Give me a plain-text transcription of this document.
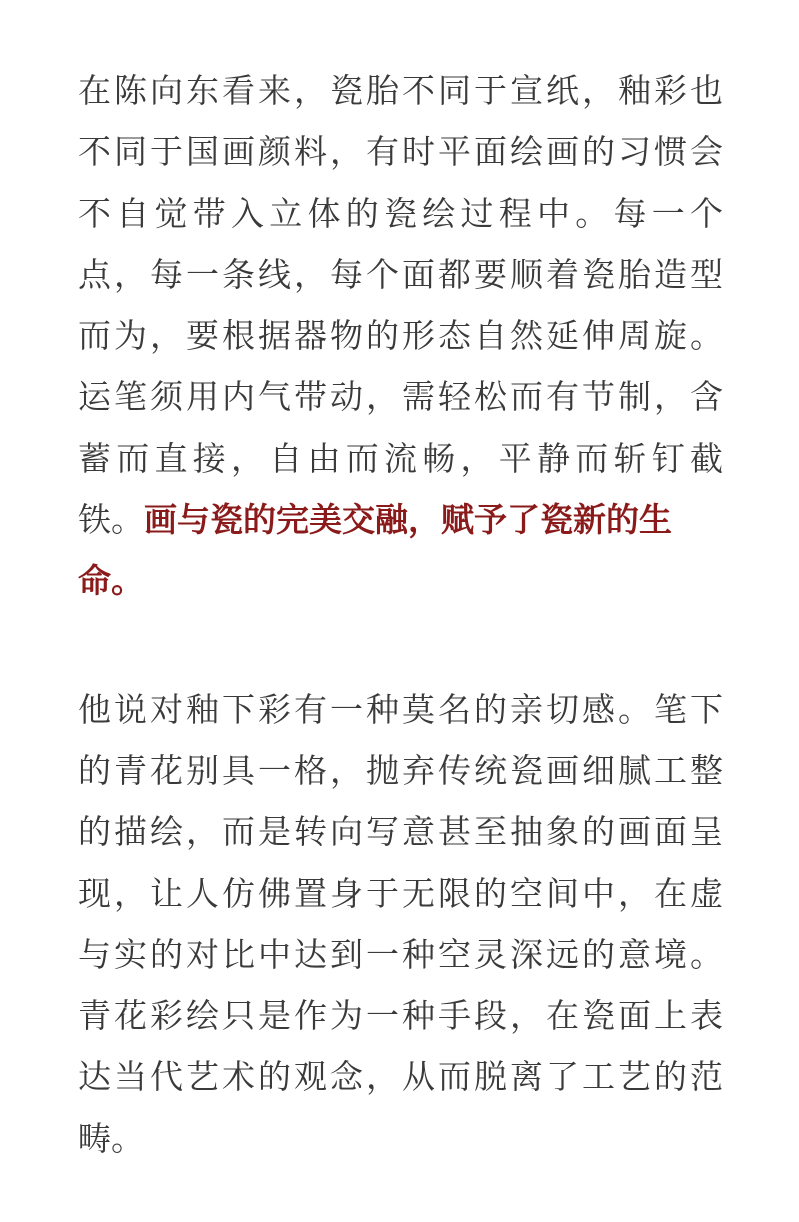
在陈向东看来，瓷胎不同于宣纸，釉彩也
不同于国画颜料，有时平面绘画的习惯会
不自觉带入立体的瓷绘过程中。每一个
点，每一条线，每个面都要顺着瓷胎造型
而为，要根据器物的形态自然延伸周旋。
运笔须用内气带动，需轻松而有节制，含
蓄而直接，自由而流畅，平静而斩钉截
铁。画与瓷的完美交融，赋予了瓷新的生
命。
他说对釉下彩有一种莫名的亲切感。笔下
的青花别具一格，抛弃传统瓷画细腻工整
的描绘，而是转向写意甚至抽象的画面呈
现，让人仿佛置身于无限的空间中，在虚
与实的对比中达到一种空灵深远的意境。
青花彩绘只是作为一种手段，在瓷面上表
达当代艺术的观念，从而脱离了工艺的范
畴。
